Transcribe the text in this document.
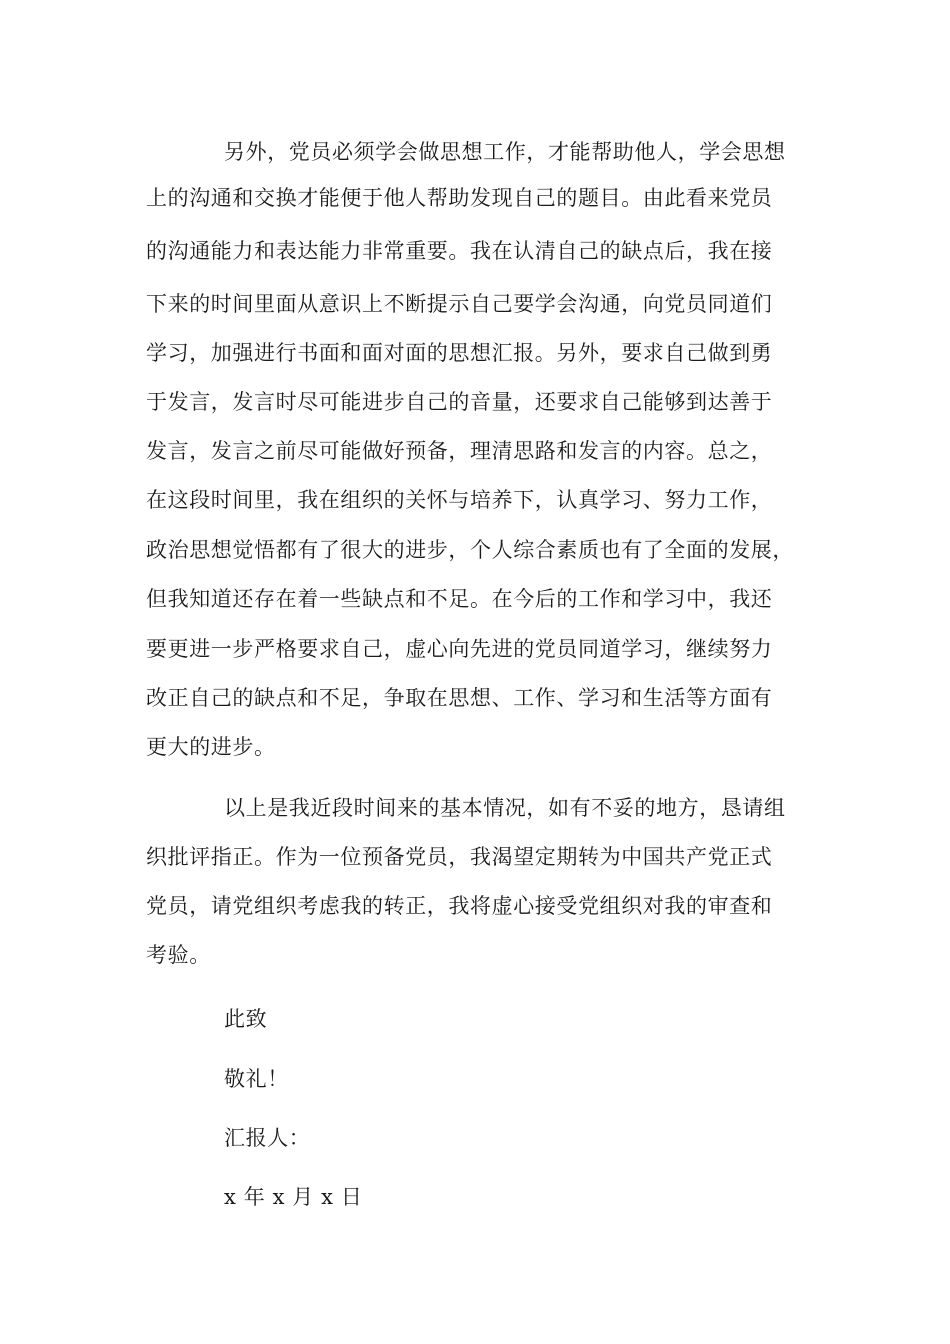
另外，党员必须学会做思想工作，才能帮助他人，学会思想
上的沟通和交换才能便于他人帮助发现自己的题目。由此看来党员
的沟通能力和表达能力非常重要。我在认清自己的缺点后，我在接
下来的时间里面从意识上不断提示自己要学会沟通，向党员同道们
学习，加强进行书面和面对面的思想汇报。另外，要求自己做到勇
于发言，发言时尽可能进步自己的音量，还要求自己能够到达善于
发言，发言之前尽可能做好预备，理清思路和发言的内容。总之，
在这段时间里，我在组织的关怀与培养下，认真学习、努力工作，
政治思想觉悟都有了很大的进步，个人综合素质也有了全面的发展，
但我知道还存在着一些缺点和不足。在今后的工作和学习中，我还
要更进一步严格要求自己，虚心向先进的党员同道学习，继续努力
改正自己的缺点和不足，争取在思想、工作、学习和生活等方面有
更大的进步。
以上是我近段时间来的基本情况，如有不妥的地方，恳请组
织批评指正。作为一位预备党员，我渴望定期转为中国共产党正式
党员，请党组织考虑我的转正，我将虚心接受党组织对我的审查和
考验。
此致
敬礼！
汇报人：
x 年 x 月 x 日
